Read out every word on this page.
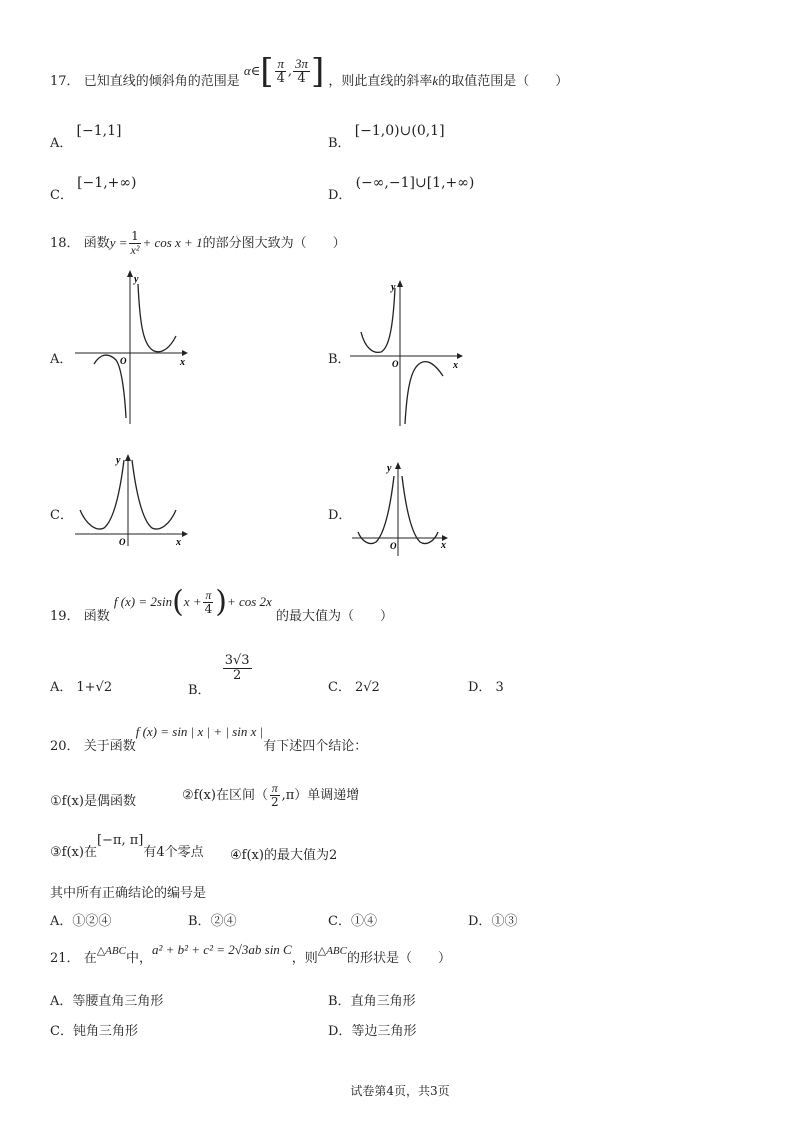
17． 已知直线的倾斜角的范围是 α∈[ $\frac{\pi}{4}$ , $\frac{3\pi}{4}$ ] ，则此直线的斜率k的取值范围是（　　）
A． [−1,1]
B． [−1,0)∪(0,1]
C． [−1,+∞)
D． (−∞,−1]∪[1,+∞)
18． 函数$y = \frac{1}{\text{x²}} + \cos x + 1$的部分图大致为（　　）
A．	B．
C．	D．
y
x
O
y
x
O
y
x
O
y
x
O
19． 函数 f $(x) = 2\sin(x + \frac{\pi}{4}$ )+ cos 2x 的最大值为（　　）
A． 1+√2	B．
$\frac{3√3}{2}$
C． 2√2	D． 3
20． 关于函数f (x) = sin | x | + | sin x |有下述四个结论：
①f(x)是偶函数	②f(x)在区间（ $\frac{\pi}{2} ,\pi$）单调递增
③f(x)在[−π, π]有4个零点 ④f(x)的最大值为2
其中所有正确结论的编号是
A．①②④	B．②④	C．①④	D．①③
21． 在$^{\triangle ABC}$中，a² + b² + c² = 2√3ab sin C，则$^{\triangle ABC}$的形状是（　　）
A．等腰直角三角形	B．直角三角形
C．钝角三角形	D．等边三角形
试卷第4页，共3页
